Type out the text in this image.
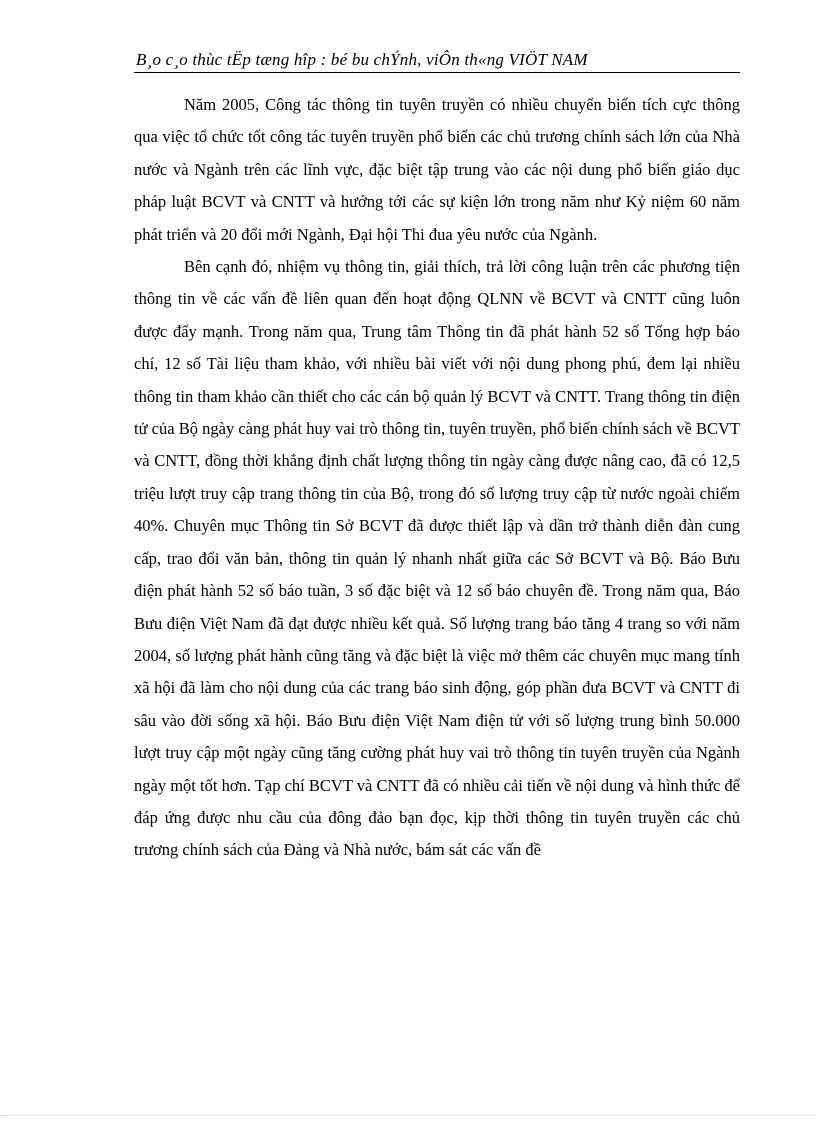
B¸o c¸o thùc tËp tæng hîp : bé bu chÝnh, viÔn th«ng VIÖT NAM

Năm 2005, Công tác thông tin tuyên truyền có nhiều chuyển biến tích cực thông qua việc tổ chức tốt công tác tuyên truyền phổ biến các chủ trương chính sách lớn của Nhà nước và Ngành trên các lĩnh vực, đặc biệt tập trung vào các nội dung phổ biến giáo dục pháp luật BCVT và CNTT và hướng tới các sự kiện lớn trong năm như Kỷ niệm 60 năm phát triển và 20 đổi mới Ngành, Đại hội Thi đua yêu nước của Ngành.

Bên cạnh đó, nhiệm vụ thông tin, giải thích, trả lời công luận trên các phương tiện thông tin về các vấn đề liên quan đến hoạt động QLNN về BCVT và CNTT cũng luôn được đẩy mạnh. Trong năm qua, Trung tâm Thông tin đã phát hành 52 số Tổng hợp báo chí, 12 số Tài liệu tham khảo, với nhiều bài viết với nội dung phong phú, đem lại nhiều thông tin tham khảo cần thiết cho các cán bộ quản lý BCVT và CNTT. Trang thông tin điện tử của Bộ ngày càng phát huy vai trò thông tin, tuyên truyền, phổ biến chính sách về BCVT và CNTT, đồng thời khẳng định chất lượng thông tin ngày càng được nâng cao, đã có 12,5 triệu lượt truy cập trang thông tin của Bộ, trong đó số lượng truy cập từ nước ngoài chiếm 40%. Chuyên mục Thông tin Sở BCVT đã được thiết lập và dần trở thành diễn đàn cung cấp, trao đổi văn bản, thông tin quản lý nhanh nhất giữa các Sở BCVT và Bộ. Báo Bưu điện phát hành 52 số báo tuần, 3 số đặc biệt và 12 số báo chuyên đề. Trong năm qua, Báo Bưu điện Việt Nam đã đạt được nhiều kết quả. Số lượng trang báo tăng 4 trang so với năm 2004, số lượng phát hành cũng tăng và đặc biệt là việc mở thêm các chuyên mục mang tính xã hội đã làm cho nội dung của các trang báo sinh động, góp phần đưa BCVT và CNTT đi sâu vào đời sống xã hội. Báo Bưu điện Việt Nam điện tử với số lượng trung bình 50.000 lượt truy cập một ngày cũng tăng cường phát huy vai trò thông tin tuyên truyền của Ngành ngày một tốt hơn. Tạp chí BCVT và CNTT đã có nhiều cải tiến về nội dung và hình thức để đáp ứng được nhu cầu của đông đảo bạn đọc, kịp thời thông tin tuyên truyền các chủ trương chính sách của Đảng và Nhà nước, bám sát các vấn đề
